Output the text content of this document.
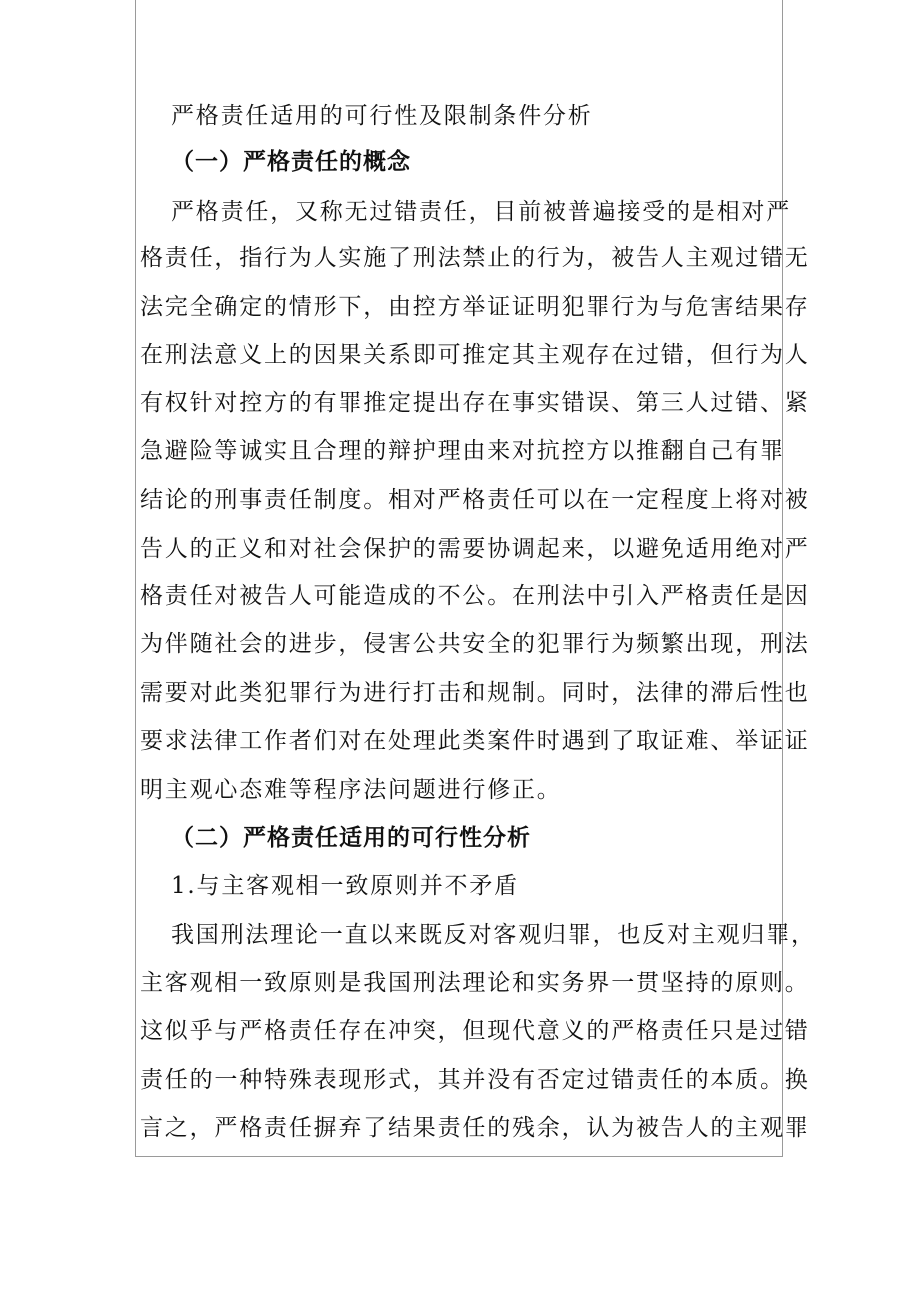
严格责任适用的可行性及限制条件分析
（一）严格责任的概念
严格责任，又称无过错责任，目前被普遍接受的是相对严
格责任，指行为人实施了刑法禁止的行为，被告人主观过错无
法完全确定的情形下，由控方举证证明犯罪行为与危害结果存
在刑法意义上的因果关系即可推定其主观存在过错，但行为人
有权针对控方的有罪推定提出存在事实错误、第三人过错、紧
急避险等诚实且合理的辩护理由来对抗控方以推翻自己有罪
结论的刑事责任制度。相对严格责任可以在一定程度上将对被
告人的正义和对社会保护的需要协调起来，以避免适用绝对严
格责任对被告人可能造成的不公。在刑法中引入严格责任是因
为伴随社会的进步，侵害公共安全的犯罪行为频繁出现，刑法
需要对此类犯罪行为进行打击和规制。同时，法律的滞后性也
要求法律工作者们对在处理此类案件时遇到了取证难、举证证
明主观心态难等程序法问题进行修正。
（二）严格责任适用的可行性分析
1.与主客观相一致原则并不矛盾
我国刑法理论一直以来既反对客观归罪，也反对主观归罪，
主客观相一致原则是我国刑法理论和实务界一贯坚持的原则。
这似乎与严格责任存在冲突，但现代意义的严格责任只是过错
责任的一种特殊表现形式，其并没有否定过错责任的本质。换
言之，严格责任摒弃了结果责任的残余，认为被告人的主观罪
